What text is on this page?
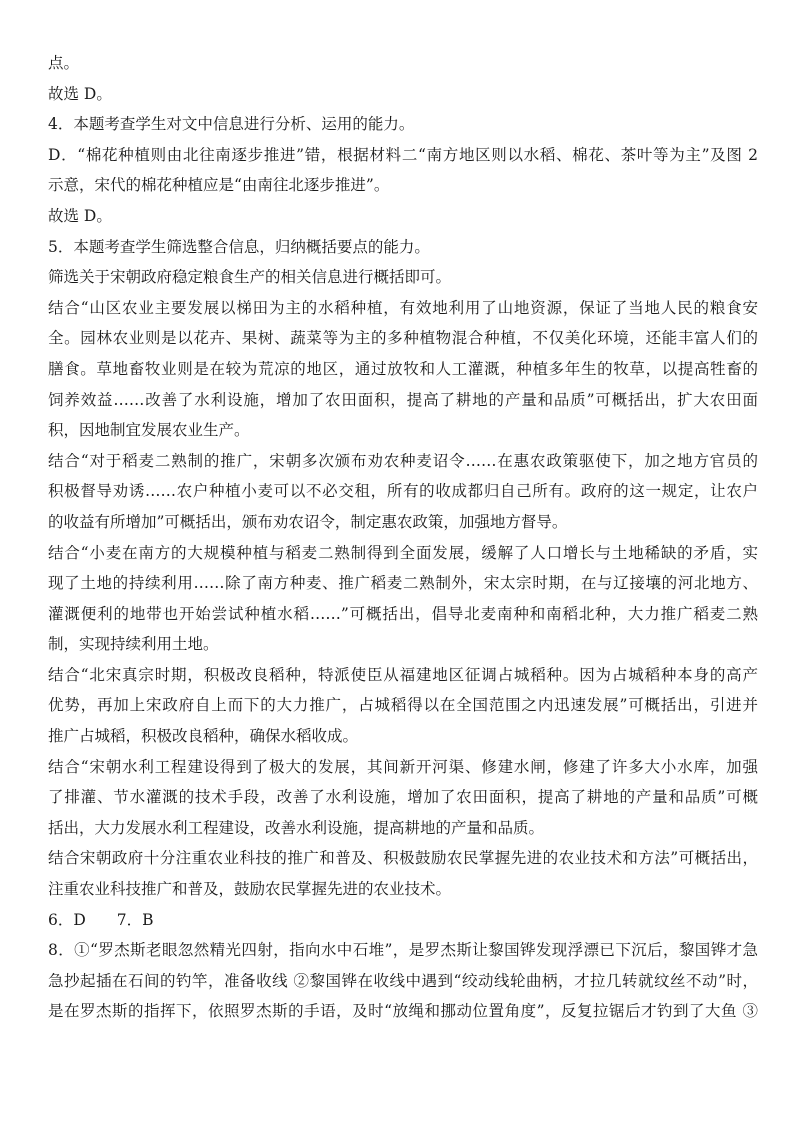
点。
故选 D。
4．本题考查学生对文中信息进行分析、运用的能力。
D．“棉花种植则由北往南逐步推进”错，根据材料二“南方地区则以水稻、棉花、茶叶等为主”及图 2
示意，宋代的棉花种植应是“由南往北逐步推进”。
故选 D。
5．本题考查学生筛选整合信息，归纳概括要点的能力。
筛选关于宋朝政府稳定粮食生产的相关信息进行概括即可。
结合“山区农业主要发展以梯田为主的水稻种植，有效地利用了山地资源，保证了当地人民的粮食安
全。园林农业则是以花卉、果树、蔬菜等为主的多种植物混合种植，不仅美化环境，还能丰富人们的
膳食。草地畜牧业则是在较为荒凉的地区，通过放牧和人工灌溉，种植多年生的牧草，以提高牲畜的
饲养效益……改善了水利设施，增加了农田面积，提高了耕地的产量和品质”可概括出，扩大农田面
积，因地制宜发展农业生产。
结合“对于稻麦二熟制的推广，宋朝多次颁布劝农种麦诏令……在惠农政策驱使下，加之地方官员的
积极督导劝诱……农户种植小麦可以不必交租，所有的收成都归自己所有。政府的这一规定，让农户
的收益有所增加”可概括出，颁布劝农诏令，制定惠农政策，加强地方督导。
结合“小麦在南方的大规模种植与稻麦二熟制得到全面发展，缓解了人口增长与土地稀缺的矛盾，实
现了土地的持续利用……除了南方种麦、推广稻麦二熟制外，宋太宗时期，在与辽接壤的河北地方、
灌溉便利的地带也开始尝试种植水稻……”可概括出，倡导北麦南种和南稻北种，大力推广稻麦二熟
制，实现持续利用土地。
结合“北宋真宗时期，积极改良稻种，特派使臣从福建地区征调占城稻种。因为占城稻种本身的高产
优势，再加上宋政府自上而下的大力推广，占城稻得以在全国范围之内迅速发展”可概括出，引进并
推广占城稻，积极改良稻种，确保水稻收成。
结合“宋朝水利工程建设得到了极大的发展，其间新开河渠、修建水闸，修建了许多大小水库，加强
了排灌、节水灌溉的技术手段，改善了水利设施，增加了农田面积，提高了耕地的产量和品质”可概
括出，大力发展水利工程建设，改善水利设施，提高耕地的产量和品质。
结合宋朝政府十分注重农业科技的推广和普及、积极鼓励农民掌握先进的农业技术和方法”可概括出，
注重农业科技推广和普及，鼓励农民掌握先进的农业技术。
6．D　　7．B
8．①“罗杰斯老眼忽然精光四射，指向水中石堆”，是罗杰斯让黎国铧发现浮漂已下沉后，黎国铧才急
急抄起插在石间的钓竿，准备收线 ②黎国铧在收线中遇到“绞动线轮曲柄，才拉几转就纹丝不动”时，
是在罗杰斯的指挥下，依照罗杰斯的手语，及时“放绳和挪动位置角度”，反复拉锯后才钓到了大鱼 ③
